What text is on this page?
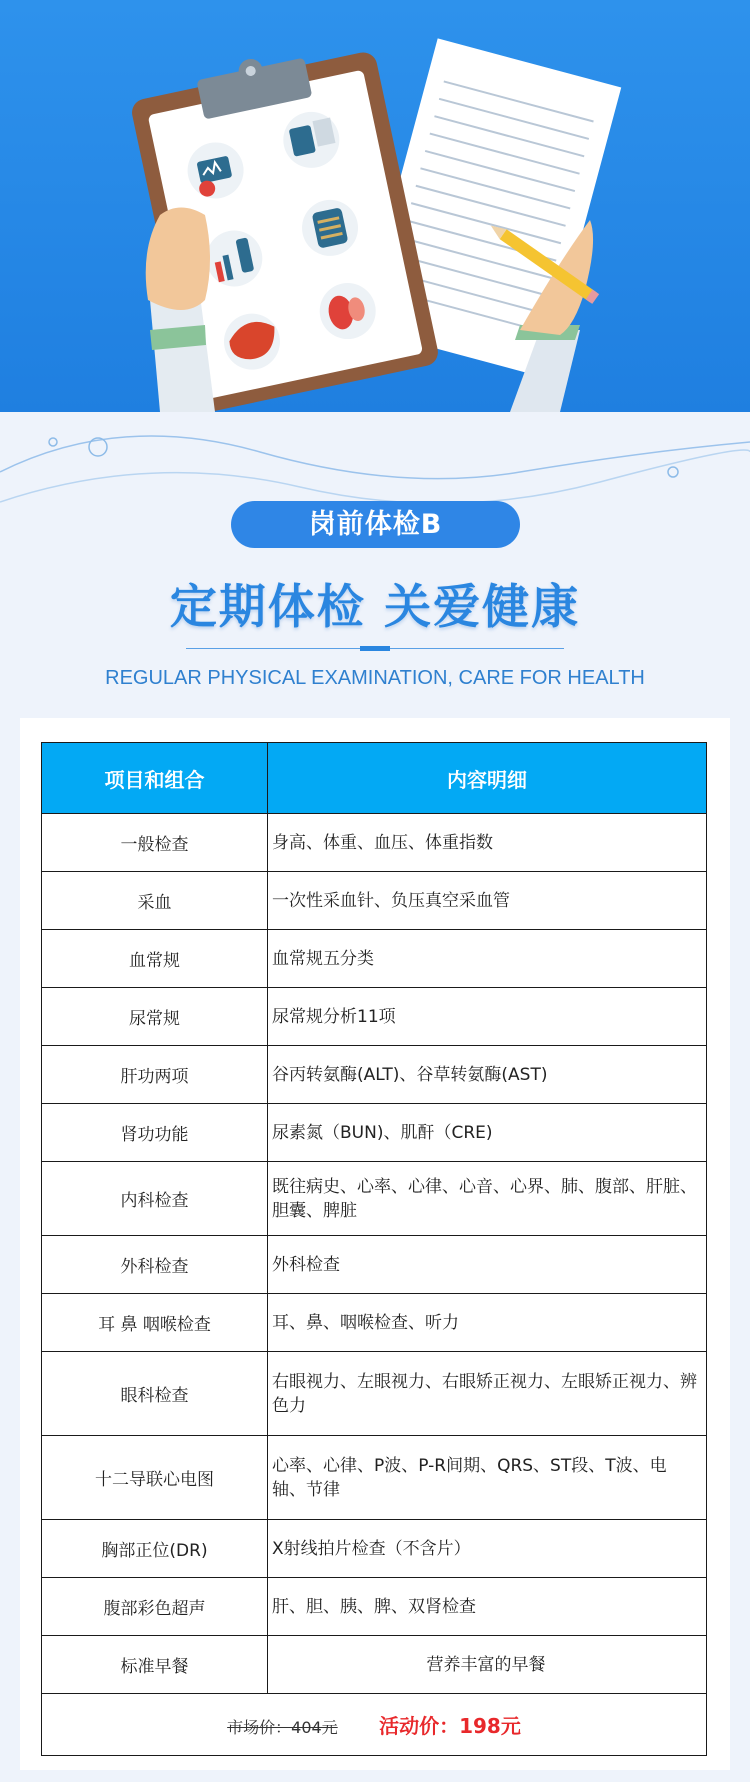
岗前体检B
定期体检 关爱健康
REGULAR PHYSICAL EXAMINATION, CARE FOR HEALTH
项目和组合	内容明细
一般检查	身高、体重、血压、体重指数
采血	一次性采血针、负压真空采血管
血常规	血常规五分类
尿常规	尿常规分析11项
肝功两项	谷丙转氨酶(ALT)、谷草转氨酶(AST)
肾功功能	尿素氮（BUN)、肌酐（CRE)
内科检查	既往病史、心率、心律、心音、心界、肺、腹部、肝脏、胆囊、脾脏
外科检查	外科检查
耳 鼻 咽喉检查	耳、鼻、咽喉检查、听力
眼科检查	右眼视力、左眼视力、右眼矫正视力、左眼矫正视力、辨色力
十二导联心电图	心率、心律、P波、P-R间期、QRS、ST段、T波、电轴、节律
胸部正位(DR)	X射线拍片检查（不含片）
腹部彩色超声	肝、胆、胰、脾、双肾检查
标准早餐	营养丰富的早餐
市场价：404元 活动价：198元	
